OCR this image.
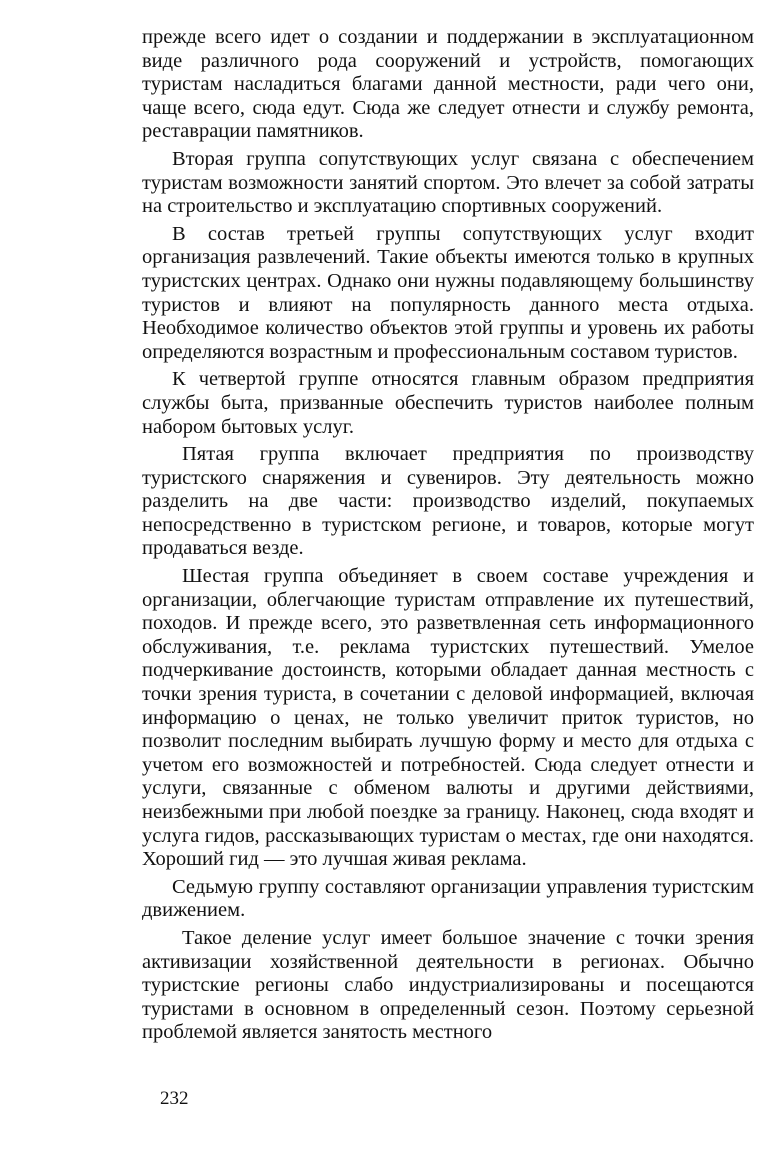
прежде всего идет о создании и поддержании в эксплуатационном виде различного рода сооружений и устройств, помогающих туристам насладиться благами данной местности, ради чего они, чаще всего, сюда едут. Сюда же следует отнести и службу ремонта, реставрации памятников.

Вторая группа сопутствующих услуг связана с обеспечением туристам возможности занятий спортом. Это влечет за собой затраты на строительство и эксплуатацию спортивных сооружений.

В состав третьей группы сопутствующих услуг входит организация развлечений. Такие объекты имеются только в крупных туристских центрах. Однако они нужны подавляющему большинству туристов и влияют на популярность данного места отдыха. Необходимое количество объектов этой группы и уровень их работы определяются возрастным и профессиональным составом туристов.

К четвертой группе относятся главным образом предприятия службы быта, призванные обеспечить туристов наиболее полным набором бытовых услуг.

Пятая группа включает предприятия по производству туристского снаряжения и сувениров. Эту деятельность можно разделить на две части: производство изделий, покупаемых непосредственно в туристском регионе, и товаров, которые могут продаваться везде.

Шестая группа объединяет в своем составе учреждения и организации, облегчающие туристам отправление их путешествий, походов. И прежде всего, это разветвленная сеть информационного обслуживания, т.е. реклама туристских путешествий. Умелое подчеркивание достоинств, которыми обладает данная местность с точки зрения туриста, в сочетании с деловой информацией, включая информацию о ценах, не только увеличит приток туристов, но позволит последним выбирать лучшую форму и место для отдыха с учетом его возможностей и потребностей. Сюда следует отнести и услуги, связанные с обменом валюты и другими действиями, неизбежными при любой поездке за границу. Наконец, сюда входят и услуга гидов, рассказывающих туристам о местах, где они находятся. Хороший гид — это лучшая живая реклама.

Седьмую группу составляют организации управления туристским движением.

Такое деление услуг имеет большое значение с точки зрения активизации хозяйственной деятельности в регионах. Обычно туристские регионы слабо индустриализированы и посещаются туристами в основном в определенный сезон. Поэтому серьезной проблемой является занятость местного

232
